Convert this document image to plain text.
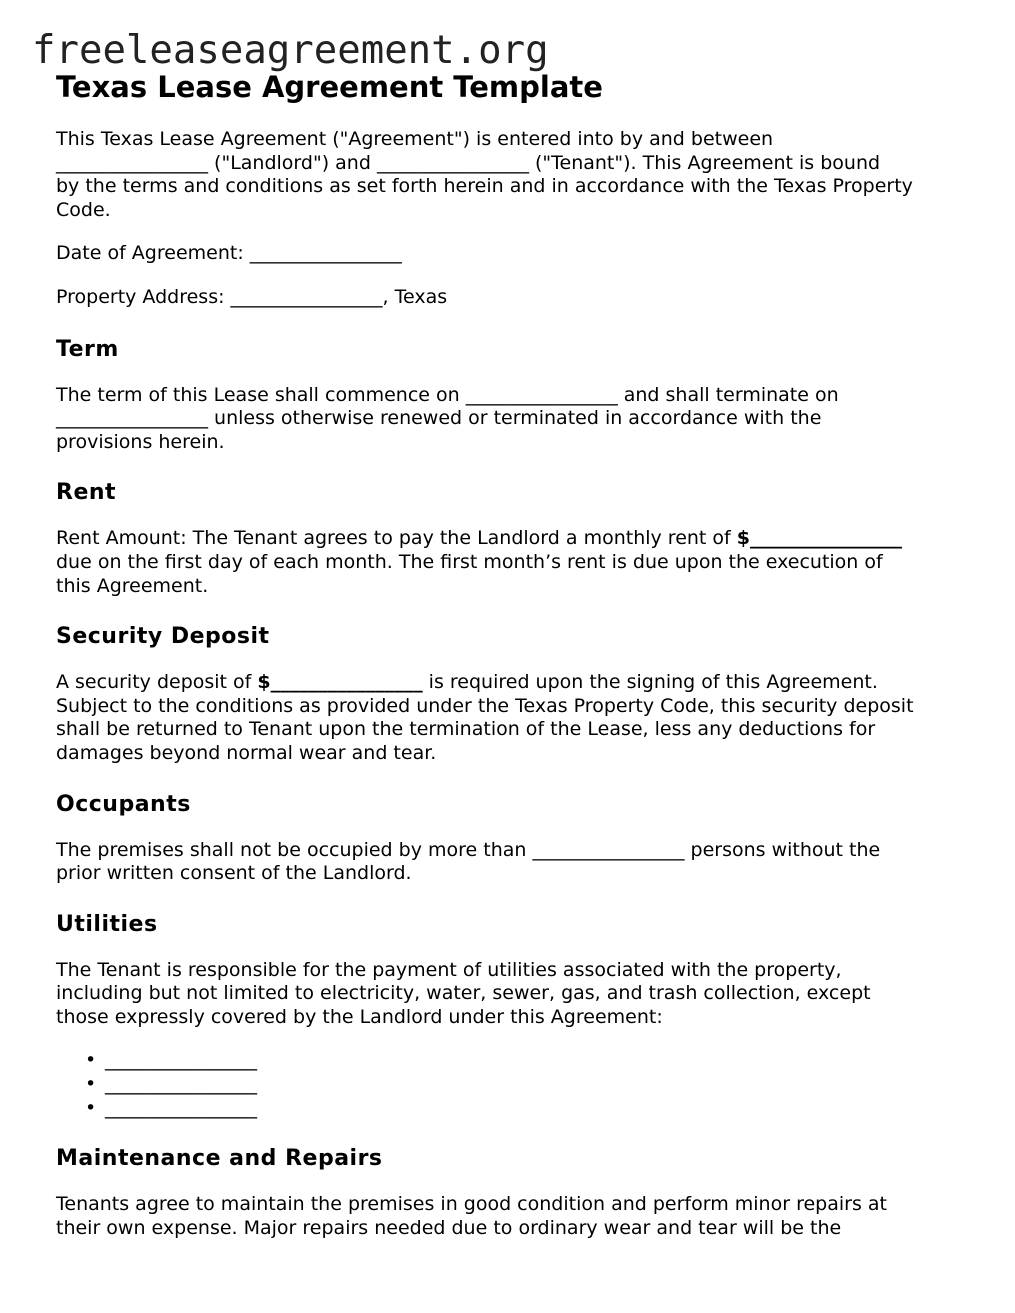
freeleaseagreement.org
Texas Lease Agreement Template
This Texas Lease Agreement ("Agreement") is entered into by and between
________________ ("Landlord") and ________________ ("Tenant"). This Agreement is bound
by the terms and conditions as set forth herein and in accordance with the Texas Property
Code.
Date of Agreement: ________________
Property Address: ________________, Texas
Term
The term of this Lease shall commence on ________________ and shall terminate on
________________ unless otherwise renewed or terminated in accordance with the
provisions herein.
Rent
Rent Amount: The Tenant agrees to pay the Landlord a monthly rent of $________________
due on the first day of each month. The first month’s rent is due upon the execution of
this Agreement.
Security Deposit
A security deposit of $________________ is required upon the signing of this Agreement.
Subject to the conditions as provided under the Texas Property Code, this security deposit
shall be returned to Tenant upon the termination of the Lease, less any deductions for
damages beyond normal wear and tear.
Occupants
The premises shall not be occupied by more than ________________ persons without the
prior written consent of the Landlord.
Utilities
The Tenant is responsible for the payment of utilities associated with the property,
including but not limited to electricity, water, sewer, gas, and trash collection, except
those expressly covered by the Landlord under this Agreement:
• ________________
• ________________
• ________________
Maintenance and Repairs
Tenants agree to maintain the premises in good condition and perform minor repairs at
their own expense. Major repairs needed due to ordinary wear and tear will be the
